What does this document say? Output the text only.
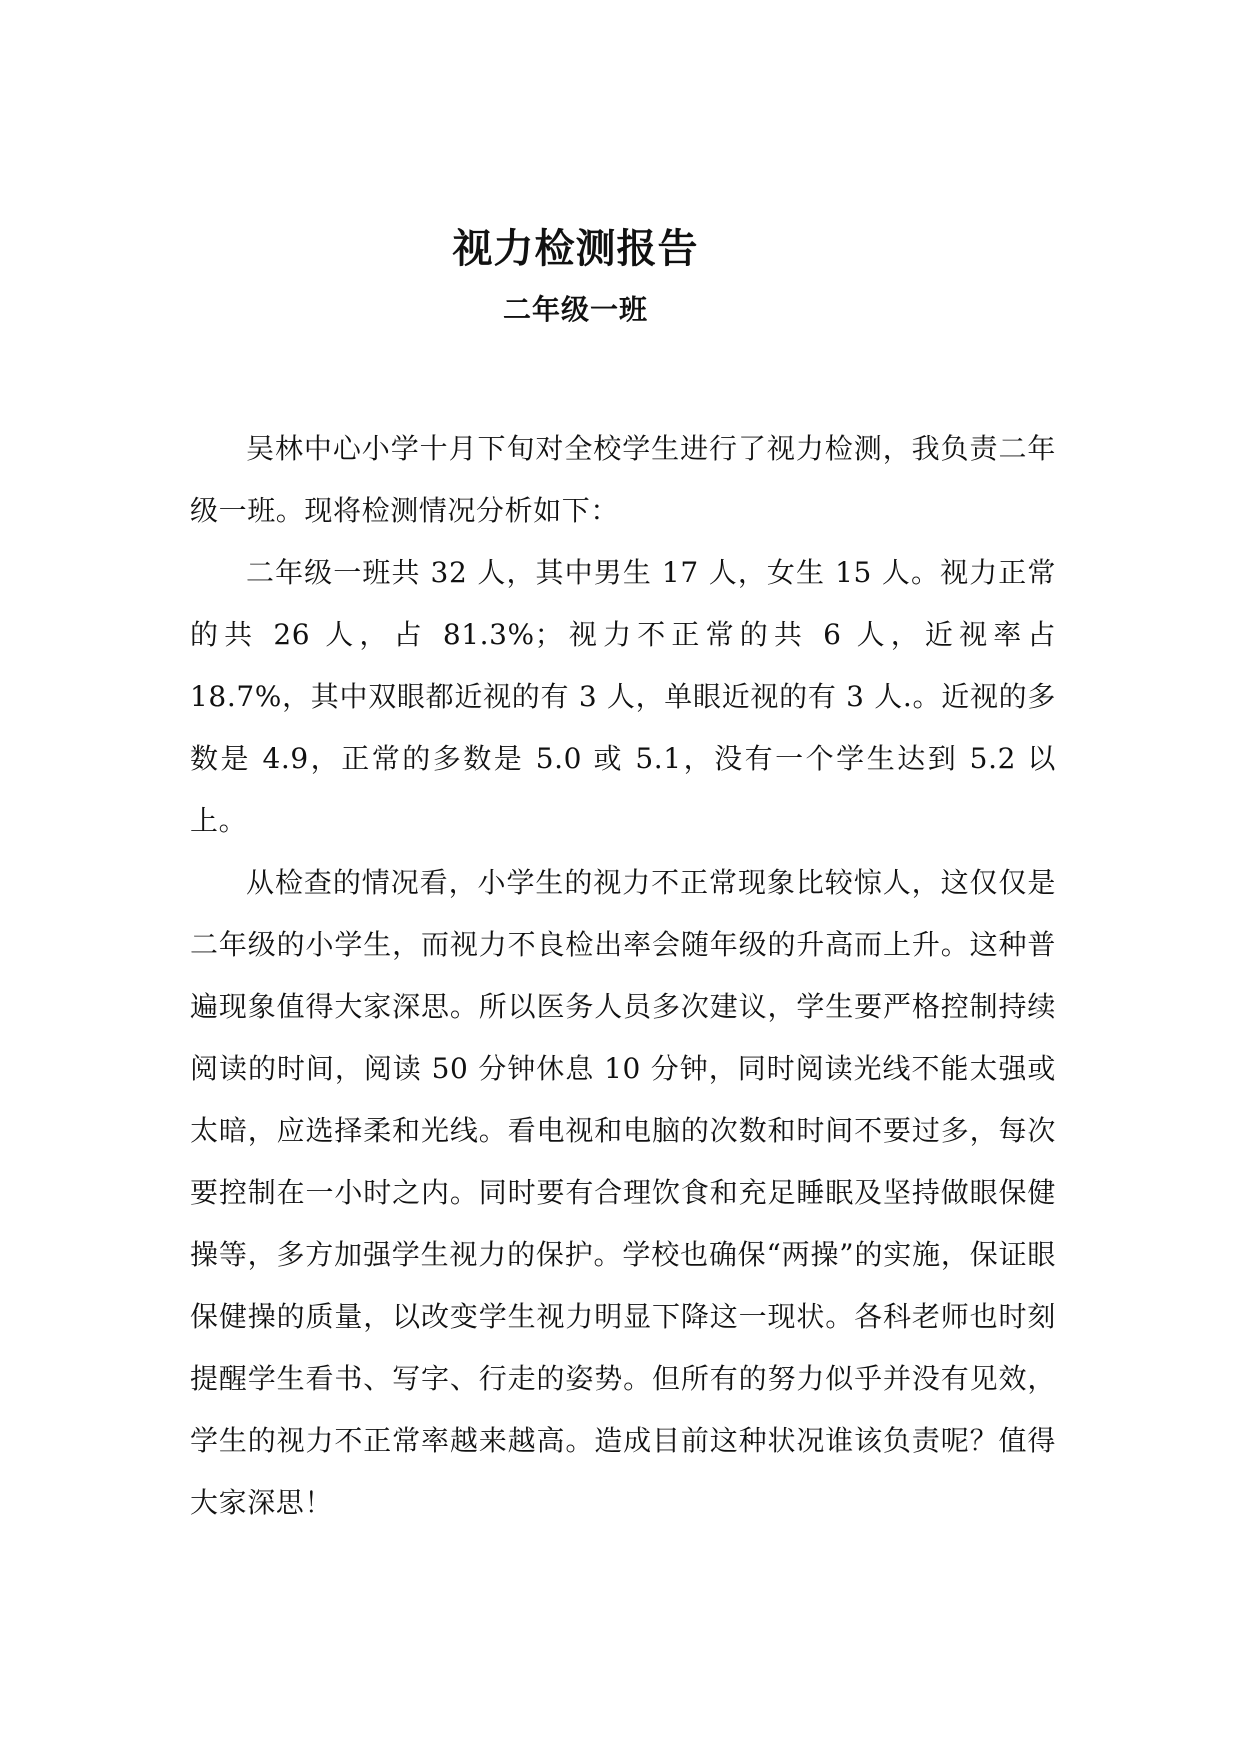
视力检测报告
二年级一班

吴林中心小学十月下旬对全校学生进行了视力检测，我负责二年级一班。现将检测情况分析如下：

二年级一班共 32 人，其中男生 17 人，女生 15 人。视力正常的共 26 人，占 81.3%；视力不正常的共 6 人，近视率占 18.7%，其中双眼都近视的有 3 人，单眼近视的有 3 人.。近视的多数是 4.9，正常的多数是 5.0 或 5.1，没有一个学生达到 5.2 以上。

从检查的情况看，小学生的视力不正常现象比较惊人，这仅仅是二年级的小学生，而视力不良检出率会随年级的升高而上升。这种普遍现象值得大家深思。所以医务人员多次建议，学生要严格控制持续阅读的时间，阅读 50 分钟休息 10 分钟，同时阅读光线不能太强或太暗，应选择柔和光线。看电视和电脑的次数和时间不要过多，每次要控制在一小时之内。同时要有合理饮食和充足睡眠及坚持做眼保健操等，多方加强学生视力的保护。学校也确保“两操”的实施，保证眼保健操的质量，以改变学生视力明显下降这一现状。各科老师也时刻提醒学生看书、写字、行走的姿势。但所有的努力似乎并没有见效，学生的视力不正常率越来越高。造成目前这种状况谁该负责呢？值得大家深思！
